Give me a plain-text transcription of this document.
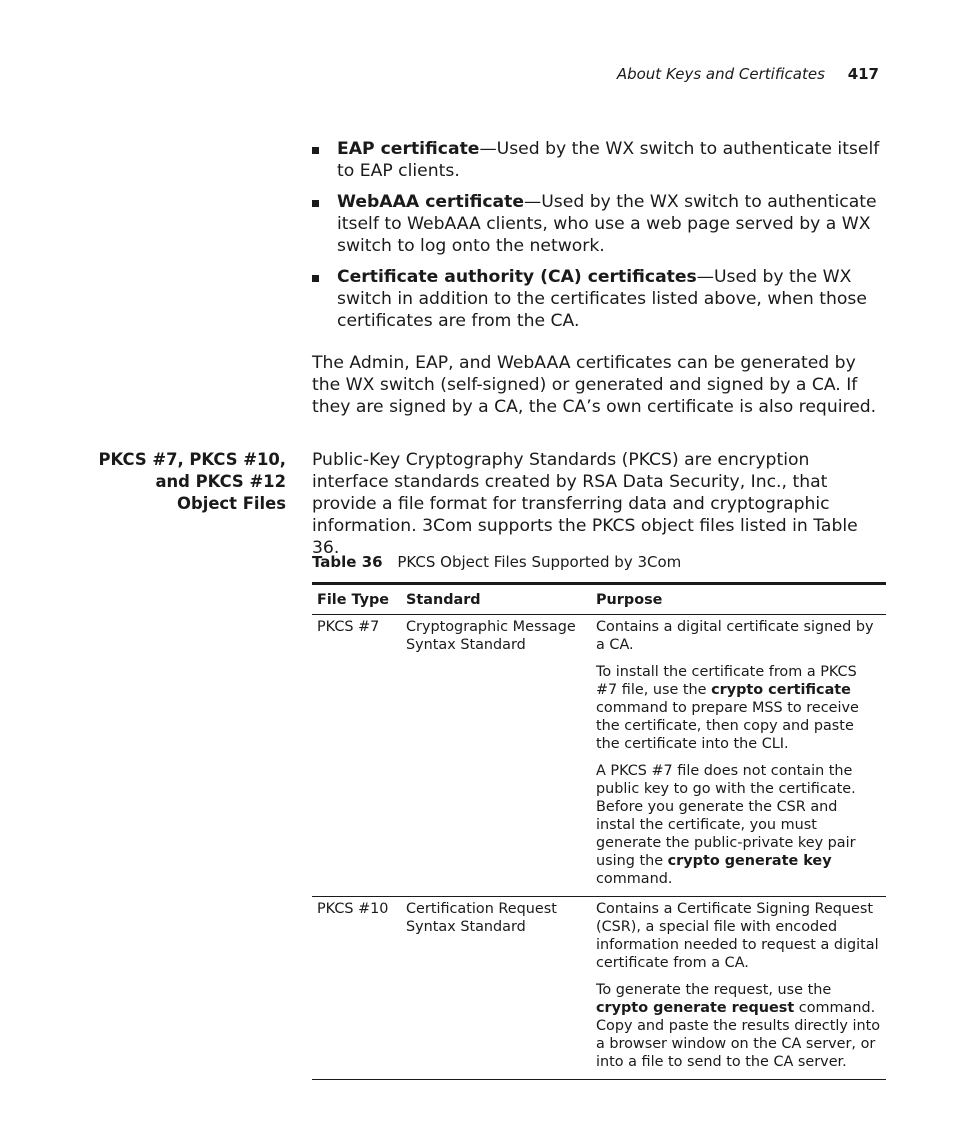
About Keys and Certificates 417
EAP certificate—Used by the WX switch to authenticate itself to EAP clients.
WebAAA certificate—Used by the WX switch to authenticate itself to WebAAA clients, who use a web page served by a WX switch to log onto the network.
Certificate authority (CA) certificates—Used by the WX switch in addition to the certificates listed above, when those certificates are from the CA.

The Admin, EAP, and WebAAA certificates can be generated by the WX switch (self-signed) or generated and signed by a CA. If they are signed by a CA, the CA’s own certificate is also required.

PKCS #7, PKCS #10, and PKCS #12 Object Files

Public-Key Cryptography Standards (PKCS) are encryption interface standards created by RSA Data Security, Inc., that provide a file format for transferring data and cryptographic information. 3Com supports the PKCS object files listed in Table 36.

Table 36 PKCS Object Files Supported by 3Com
File Type	Standard	Purpose
PKCS #7	Cryptographic Message Syntax Standard	Contains a digital certificate signed by a CA.

To install the certificate from a PKCS #7 file, use the crypto certificate command to prepare MSS to receive the certificate, then copy and paste the certificate into the CLI.

A PKCS #7 file does not contain the public key to go with the certificate. Before you generate the CSR and instal the certificate, you must generate the public-private key pair using the crypto generate key command.

PKCS #10	Certification Request Syntax Standard	Contains a Certificate Signing Request (CSR), a special file with encoded information needed to request a digital certificate from a CA.

To generate the request, use the crypto generate request command. Copy and paste the results directly into a browser window on the CA server, or into a file to send to the CA server.
